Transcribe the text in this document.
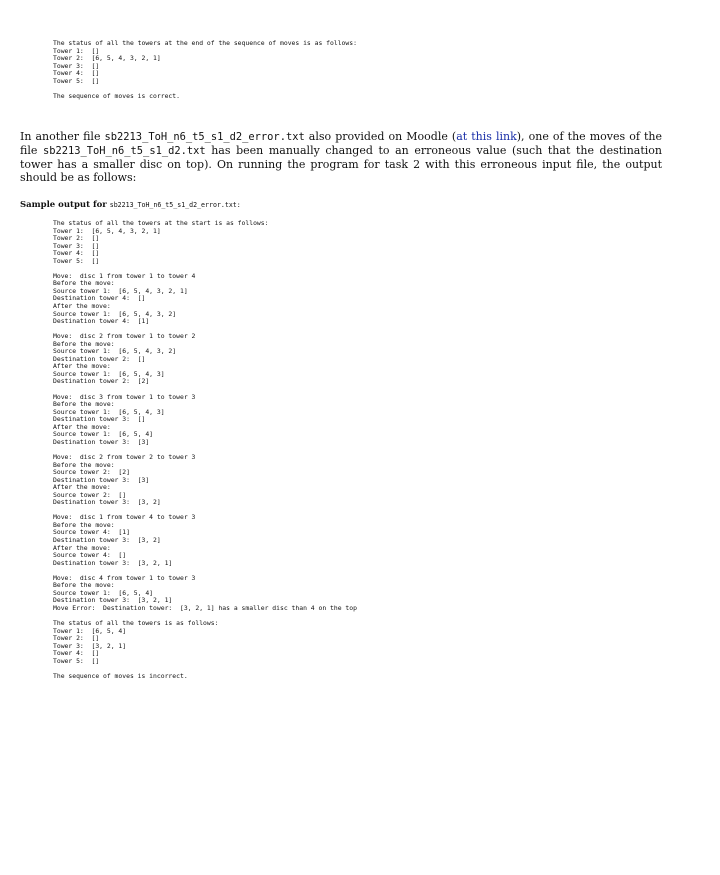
The status of all the towers at the end of the sequence of moves is as follows:
Tower 1:  []
Tower 2:  [6, 5, 4, 3, 2, 1]
Tower 3:  []
Tower 4:  []
Tower 5:  []
The sequence of moves is correct.

In another file sb2213_ToH_n6_t5_s1_d2_error.txt also provided on Moodle (at this link), one of the moves of the file sb2213_ToH_n6_t5_s1_d2.txt has been manually changed to an erroneous value (such that the destination tower has a smaller disc on top). On running the program for task 2 with this erroneous input file, the output should be as follows:

Sample output for sb2213_ToH_n6_t5_s1_d2_error.txt:

The status of all the towers at the start is as follows:
Tower 1:  [6, 5, 4, 3, 2, 1]
Tower 2:  []
Tower 3:  []
Tower 4:  []
Tower 5:  []
Move:  disc 1 from tower 1 to tower 4
Before the move:
Source tower 1:  [6, 5, 4, 3, 2, 1]
Destination tower 4:  []
After the move:
Source tower 1:  [6, 5, 4, 3, 2]
Destination tower 4:  [1]
Move:  disc 2 from tower 1 to tower 2
Before the move:
Source tower 1:  [6, 5, 4, 3, 2]
Destination tower 2:  []
After the move:
Source tower 1:  [6, 5, 4, 3]
Destination tower 2:  [2]
Move:  disc 3 from tower 1 to tower 3
Before the move:
Source tower 1:  [6, 5, 4, 3]
Destination tower 3:  []
After the move:
Source tower 1:  [6, 5, 4]
Destination tower 3:  [3]
Move:  disc 2 from tower 2 to tower 3
Before the move:
Source tower 2:  [2]
Destination tower 3:  [3]
After the move:
Source tower 2:  []
Destination tower 3:  [3, 2]
Move:  disc 1 from tower 4 to tower 3
Before the move:
Source tower 4:  [1]
Destination tower 3:  [3, 2]
After the move:
Source tower 4:  []
Destination tower 3:  [3, 2, 1]
Move:  disc 4 from tower 1 to tower 3
Before the move:
Source tower 1:  [6, 5, 4]
Destination tower 3:  [3, 2, 1]
Move Error:  Destination tower:  [3, 2, 1] has a smaller disc than 4 on the top
The status of all the towers is as follows:
Tower 1:  [6, 5, 4]
Tower 2:  []
Tower 3:  [3, 2, 1]
Tower 4:  []
Tower 5:  []
The sequence of moves is incorrect.
